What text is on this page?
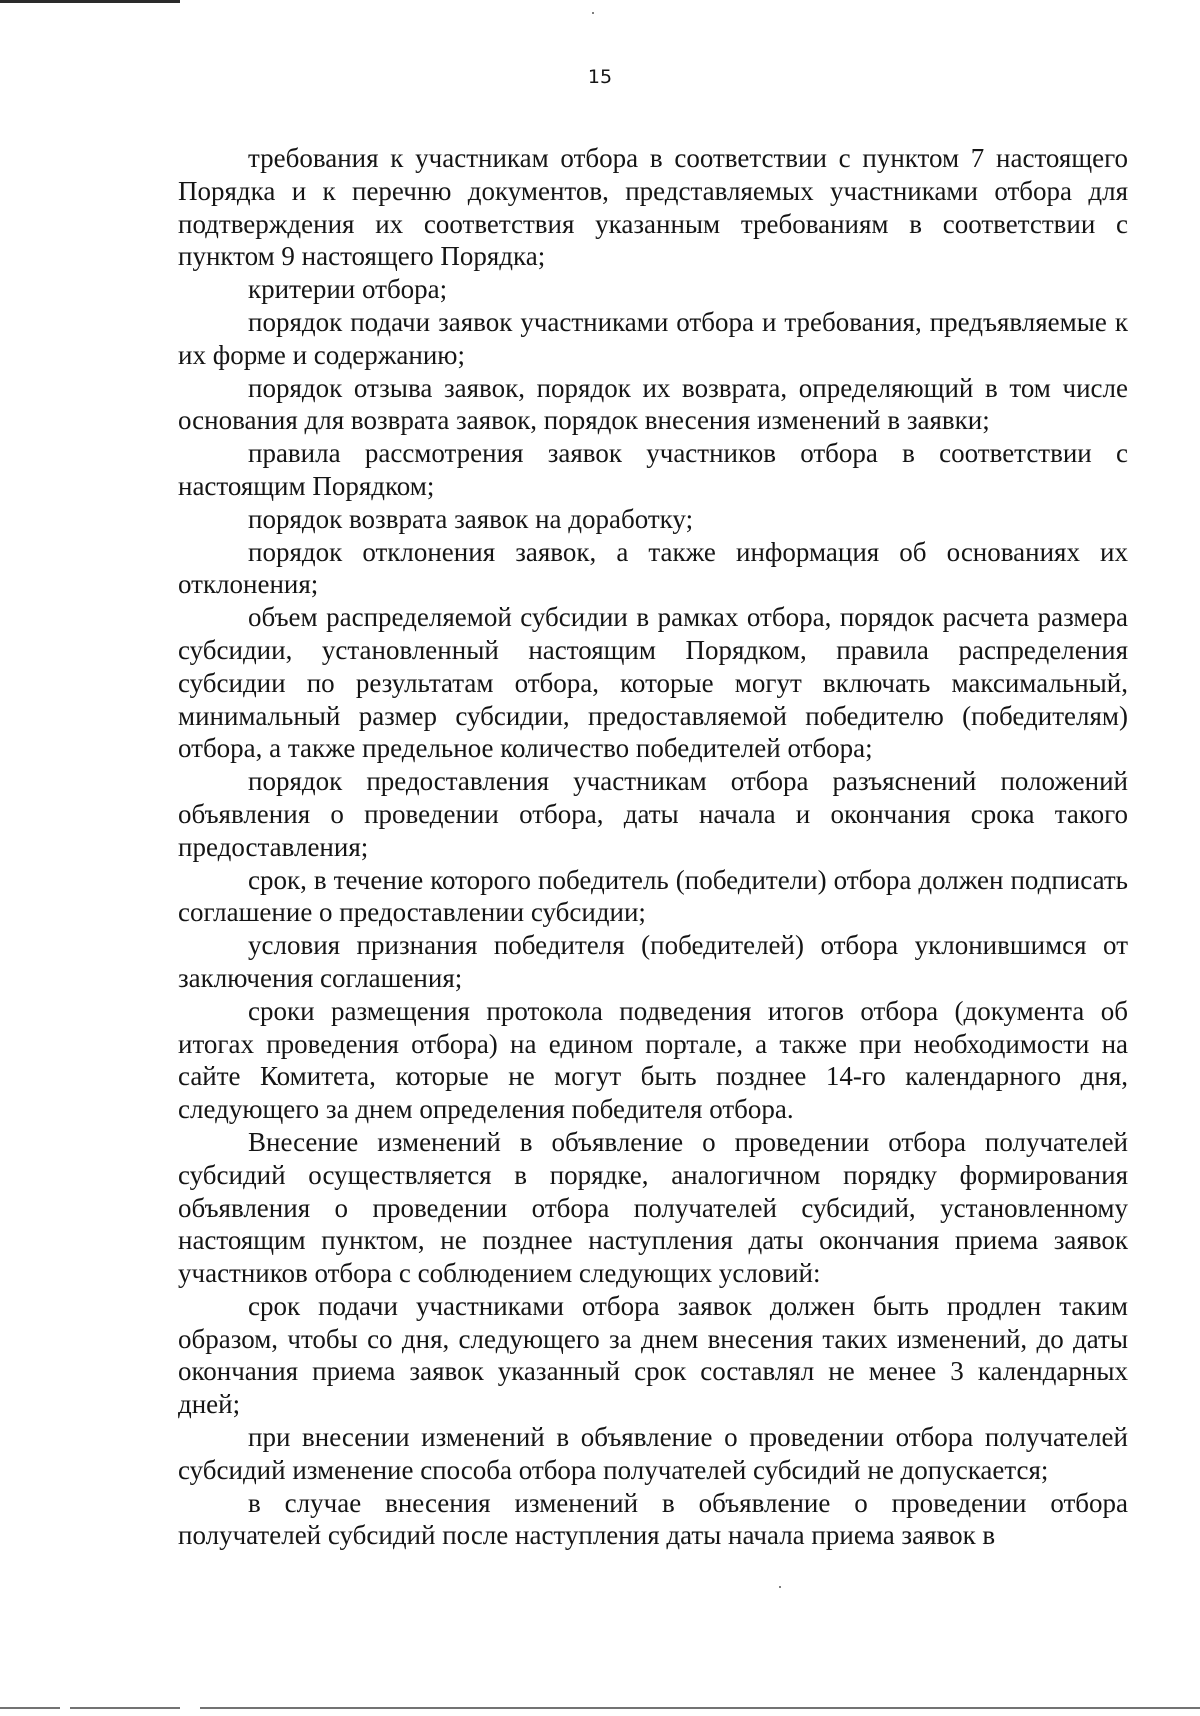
15

требования к участникам отбора в соответствии с пунктом 7 настоящего Порядка и к перечню документов, представляемых участниками отбора для подтверждения их соответствия указанным требованиям в соответствии с пунктом 9 настоящего Порядка;

критерии отбора;

порядок подачи заявок участниками отбора и требования, предъявляемые к их форме и содержанию;

порядок отзыва заявок, порядок их возврата, определяющий в том числе основания для возврата заявок, порядок внесения изменений в заявки;

правила рассмотрения заявок участников отбора в соответствии с настоящим Порядком;

порядок возврата заявок на доработку;

порядок отклонения заявок, а также информация об основаниях их отклонения;

объем распределяемой субсидии в рамках отбора, порядок расчета размера субсидии, установленный настоящим Порядком, правила распределения субсидии по результатам отбора, которые могут включать максимальный, минимальный размер субсидии, предоставляемой победителю (победителям) отбора, а также предельное количество победителей отбора;

порядок предоставления участникам отбора разъяснений положений объявления о проведении отбора, даты начала и окончания срока такого предоставления;

срок, в течение которого победитель (победители) отбора должен подписать соглашение о предоставлении субсидии;

условия признания победителя (победителей) отбора уклонившимся от заключения соглашения;

сроки размещения протокола подведения итогов отбора (документа об итогах проведения отбора) на едином портале, а также при необходимости на сайте Комитета, которые не могут быть позднее 14-го календарного дня, следующего за днем определения победителя отбора.

Внесение изменений в объявление о проведении отбора получателей субсидий осуществляется в порядке, аналогичном порядку формирования объявления о проведении отбора получателей субсидий, установленному настоящим пунктом, не позднее наступления даты окончания приема заявок участников отбора с соблюдением следующих условий:

срок подачи участниками отбора заявок должен быть продлен таким образом, чтобы со дня, следующего за днем внесения таких изменений, до даты окончания приема заявок указанный срок составлял не менее 3 календарных дней;

при внесении изменений в объявление о проведении отбора получателей субсидий изменение способа отбора получателей субсидий не допускается;

в случае внесения изменений в объявление о проведении отбора получателей субсидий после наступления даты начала приема заявок в
